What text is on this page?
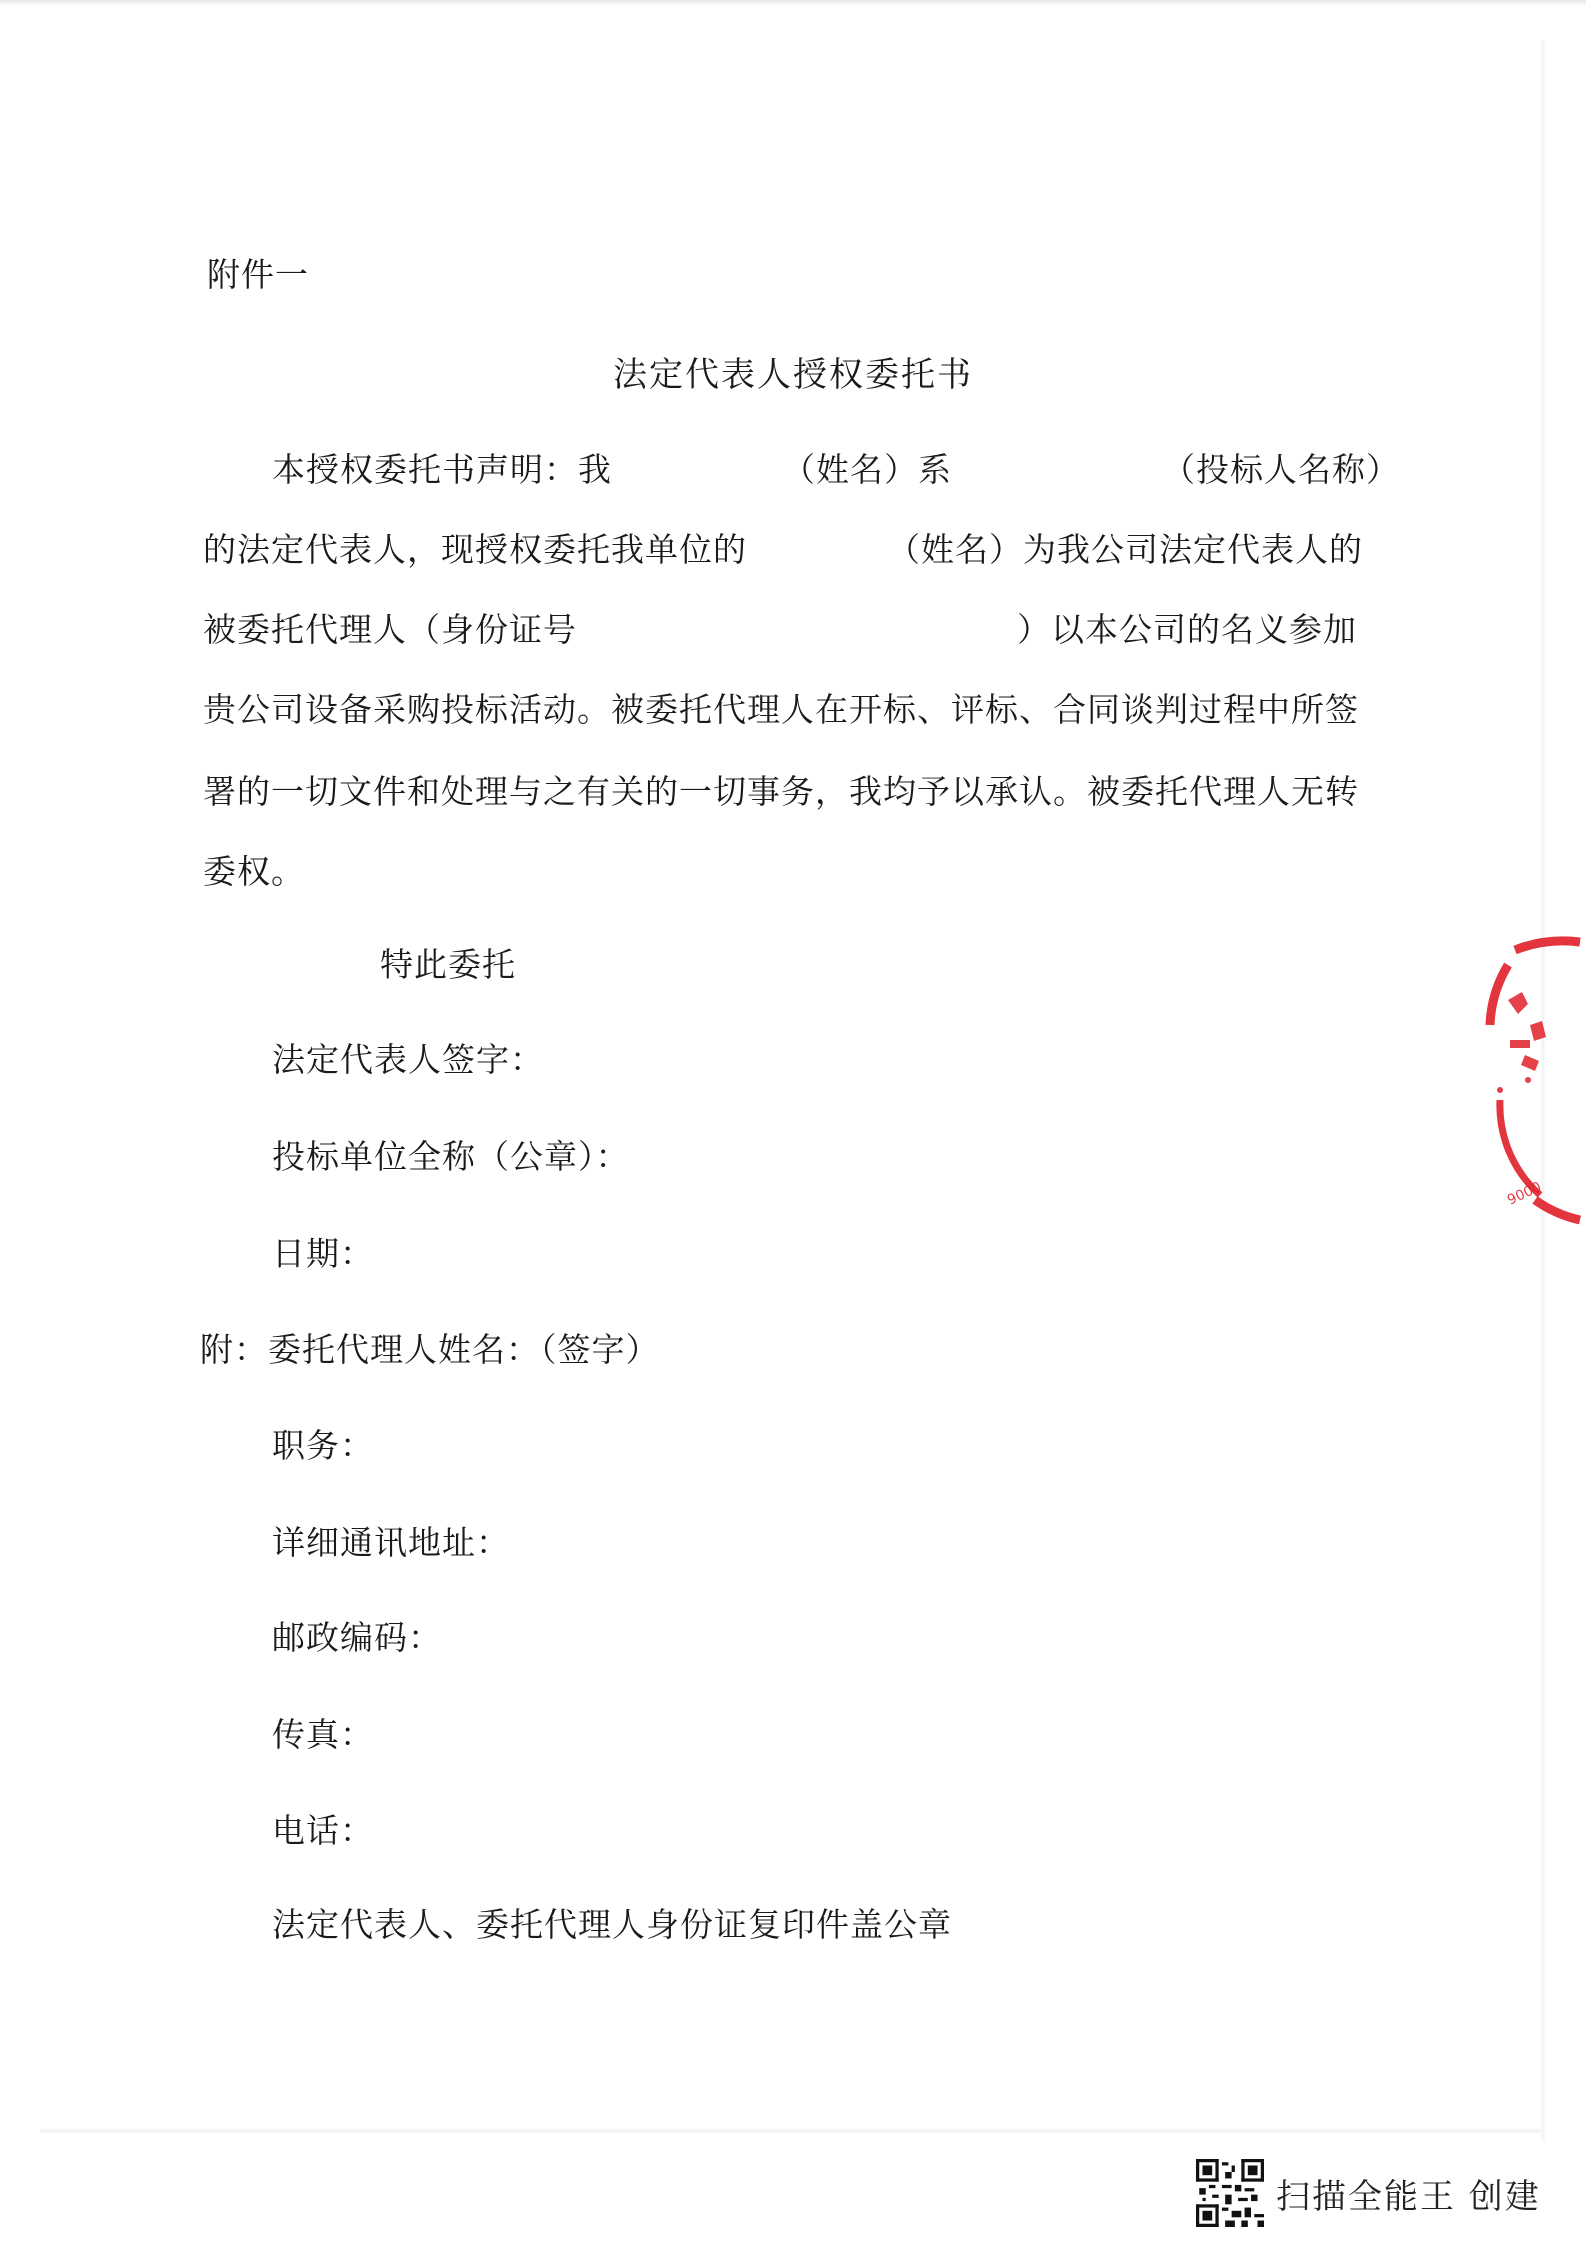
附件一
法定代表人授权委托书
本授权委托书声明：我	（姓名）系	（投标人名称）
的法定代表人，现授权委托我单位的	（姓名）为我公司法定代表人的
被委托代理人（身份证号	）以本公司的名义参加
贵公司设备采购投标活动。被委托代理人在开标、评标、合同谈判过程中所签
署的一切文件和处理与之有关的一切事务，我均予以承认。被委托代理人无转
委权。
特此委托
法定代表人签字：
投标单位全称（公章）：
日期：
附：委托代理人姓名：（签字）
职务：
详细通讯地址：
邮政编码：
传真：
电话：
法定代表人、委托代理人身份证复印件盖公章
9000
扫描全能王 创建
